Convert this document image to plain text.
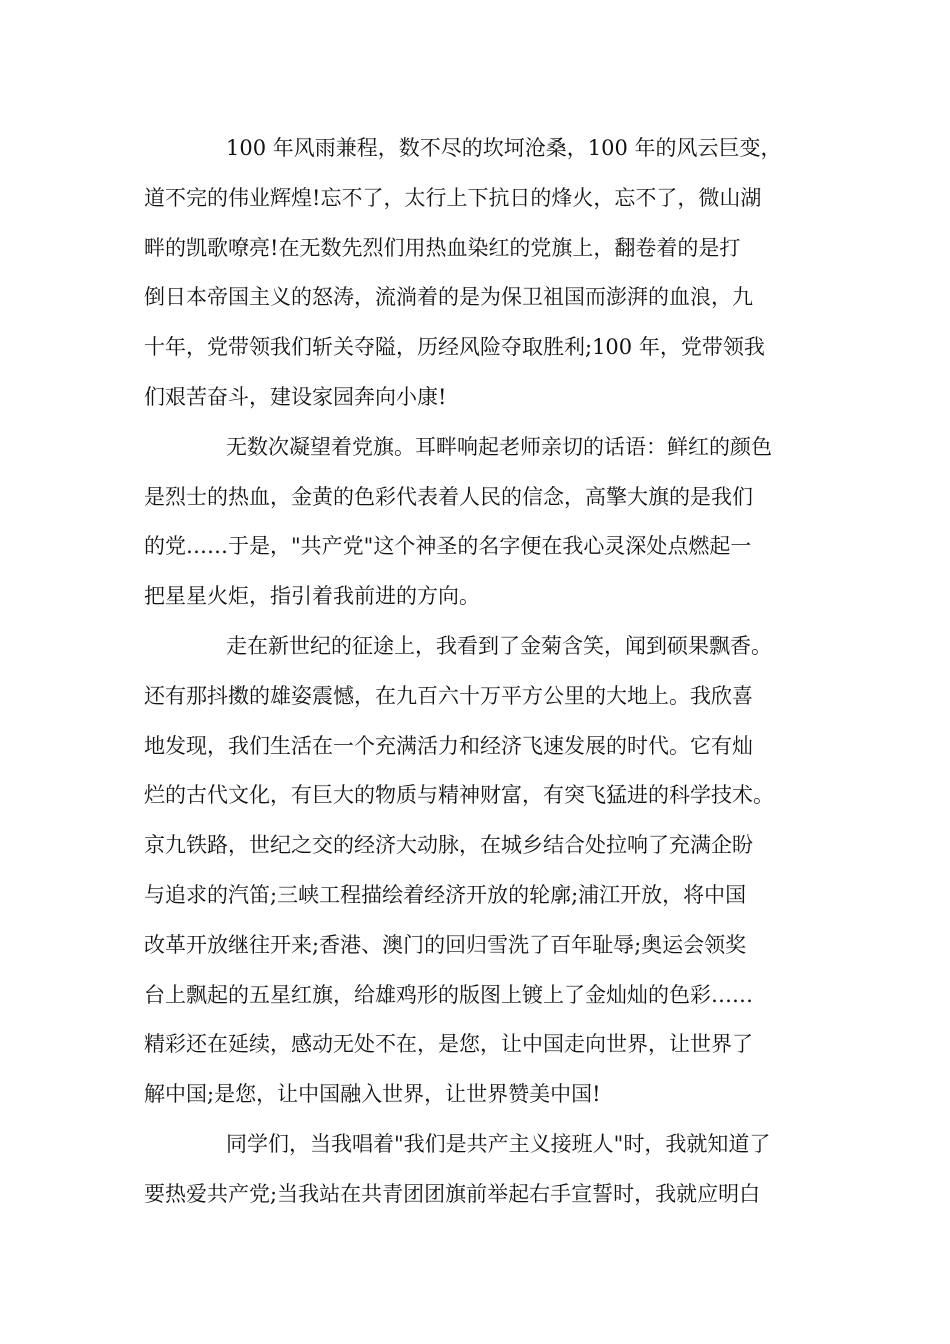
100 年风雨兼程，数不尽的坎坷沧桑，100 年的风云巨变，
道不完的伟业辉煌!忘不了，太行上下抗日的烽火，忘不了，微山湖
畔的凯歌嘹亮!在无数先烈们用热血染红的党旗上，翻卷着的是打
倒日本帝国主义的怒涛，流淌着的是为保卫祖国而澎湃的血浪，九
十年，党带领我们斩关夺隘，历经风险夺取胜利;100 年，党带领我
们艰苦奋斗，建设家园奔向小康!
无数次凝望着党旗。耳畔响起老师亲切的话语：鲜红的颜色
是烈士的热血，金黄的色彩代表着人民的信念，高擎大旗的是我们
的党……于是，"共产党"这个神圣的名字便在我心灵深处点燃起一
把星星火炬，指引着我前进的方向。
走在新世纪的征途上，我看到了金菊含笑，闻到硕果飘香。
还有那抖擞的雄姿震憾，在九百六十万平方公里的大地上。我欣喜
地发现，我们生活在一个充满活力和经济飞速发展的时代。它有灿
烂的古代文化，有巨大的物质与精神财富，有突飞猛进的科学技术。
京九铁路，世纪之交的经济大动脉，在城乡结合处拉响了充满企盼
与追求的汽笛;三峡工程描绘着经济开放的轮廓;浦江开放，将中国
改革开放继往开来;香港、澳门的回归雪洗了百年耻辱;奥运会领奖
台上飘起的五星红旗，给雄鸡形的版图上镀上了金灿灿的色彩……
精彩还在延续，感动无处不在，是您，让中国走向世界，让世界了
解中国;是您，让中国融入世界，让世界赞美中国!
同学们，当我唱着"我们是共产主义接班人"时，我就知道了
要热爱共产党;当我站在共青团团旗前举起右手宣誓时，我就应明白
